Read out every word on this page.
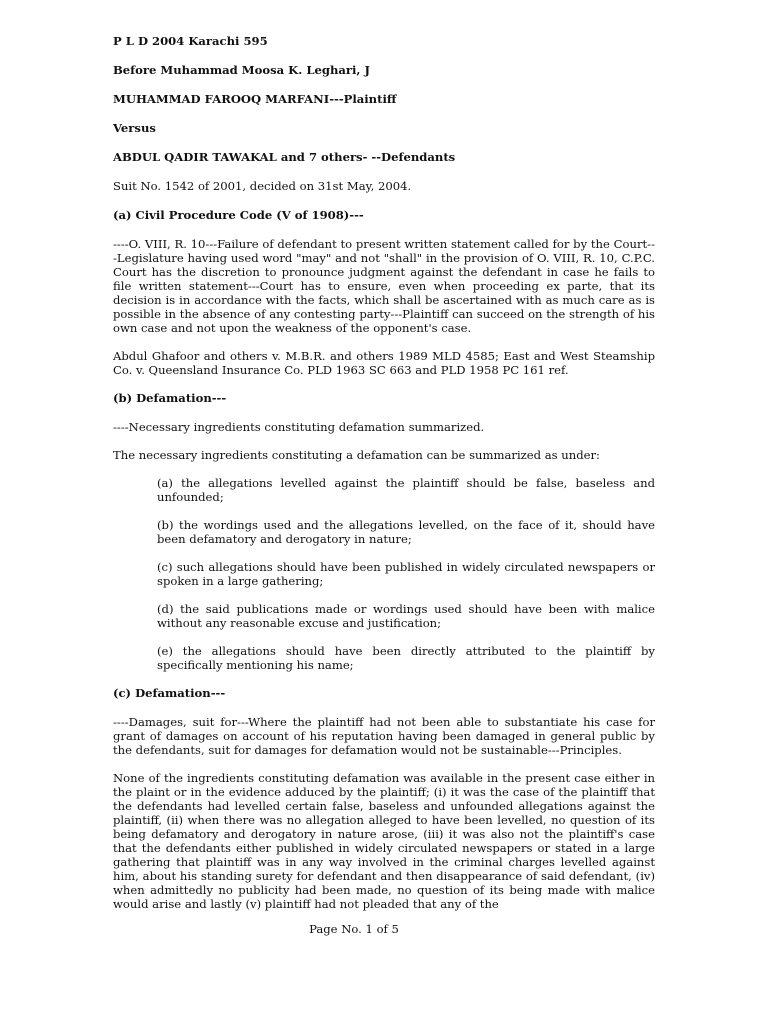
P L D 2004 Karachi 595
Before Muhammad Moosa K. Leghari, J
MUHAMMAD FAROOQ MARFANI---Plaintiff
Versus
ABDUL QADIR TAWAKAL and 7 others- --Defendants
Suit No. 1542 of 2001, decided on 31st May, 2004.
(a) Civil Procedure Code (V of 1908)---
----O. VIII, R. 10---Failure of defendant to present written statement called for by the Court---Legislature having used word "may" and not "shall" in the provision of O. VIII, R. 10, C.P.C. Court has the discretion to pronounce judgment against the defendant in case he fails to file written statement---Court has to ensure, even when proceeding ex parte, that its decision is in accordance with the facts, which shall be ascertained with as much care as is possible in the absence of any contesting party---Plaintiff can succeed on the strength of his own case and not upon the weakness of the opponent's case.
Abdul Ghafoor and others v. M.B.R. and others 1989 MLD 4585; East and West Steamship Co. v. Queensland Insurance Co. PLD 1963 SC 663 and PLD 1958 PC 161 ref.
(b) Defamation---
----Necessary ingredients constituting defamation summarized.
The necessary ingredients constituting a defamation can be summarized as under:
(a) the allegations levelled against the plaintiff should be false, baseless and unfounded;
(b) the wordings used and the allegations levelled, on the face of it, should have been defamatory and derogatory in nature;
(c) such allegations should have been published in widely circulated newspapers or spoken in a large gathering;
(d) the said publications made or wordings used should have been with malice without any reasonable excuse and justification;
(e) the allegations should have been directly attributed to the plaintiff by specifically mentioning his name;
(c) Defamation---
----Damages, suit for---Where the plaintiff had not been able to substantiate his case for grant of damages on account of his reputation having been damaged in general public by the defendants, suit for damages for defamation would not be sustainable---Principles.
None of the ingredients constituting defamation was available in the present case either in the plaint or in the evidence adduced by the plaintiff; (i) it was the case of the plaintiff that the defendants had levelled certain false, baseless and unfounded allegations against the plaintiff, (ii) when there was no allegation alleged to have been levelled, no question of its being defamatory and derogatory in nature arose, (iii) it was also not the plaintiff's case that the defendants either published in widely circulated newspapers or stated in a large gathering that plaintiff was in any way involved in the criminal charges levelled against him, about his standing surety for defendant and then disappearance of said defendant, (iv) when admittedly no publicity had been made, no question of its being made with malice would arise and lastly (v) plaintiff had not pleaded that any of the
Page No. 1 of 5
